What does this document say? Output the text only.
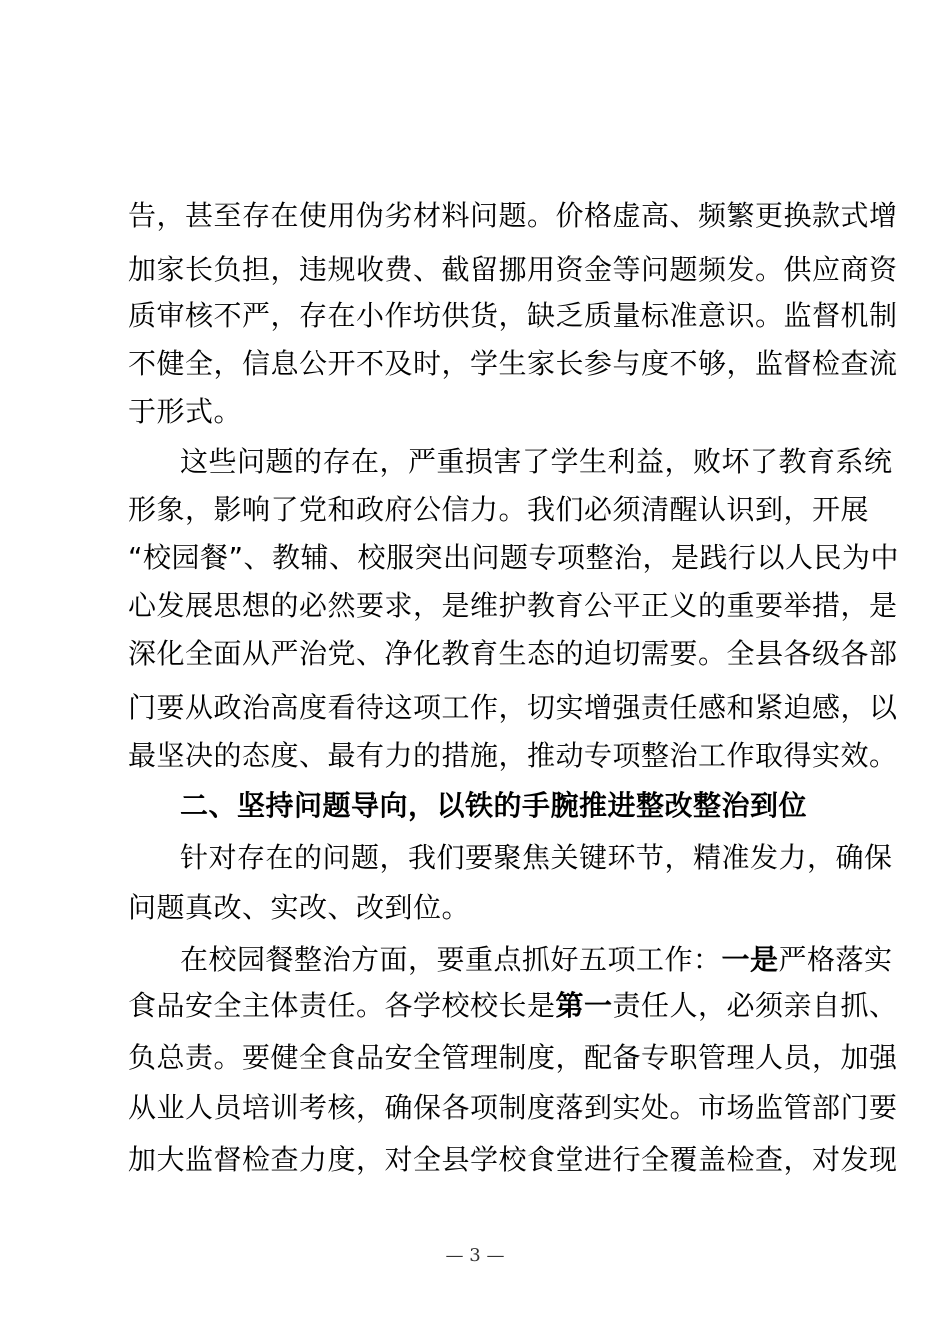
告，甚至存在使用伪劣材料问题。价格虚高、频繁更换款式增
加家长负担，违规收费、截留挪用资金等问题频发。供应商资
质审核不严，存在小作坊供货，缺乏质量标准意识。监督机制
不健全，信息公开不及时，学生家长参与度不够，监督检查流
于形式。
这些问题的存在，严重损害了学生利益，败坏了教育系统
形象，影响了党和政府公信力。我们必须清醒认识到，开展
“校园餐”、教辅、校服突出问题专项整治，是践行以人民为中
心发展思想的必然要求，是维护教育公平正义的重要举措，是
深化全面从严治党、净化教育生态的迫切需要。全县各级各部
门要从政治高度看待这项工作，切实增强责任感和紧迫感，以
最坚决的态度、最有力的措施，推动专项整治工作取得实效。
二、坚持问题导向，以铁的手腕推进整改整治到位
针对存在的问题，我们要聚焦关键环节，精准发力，确保
问题真改、实改、改到位。
在校园餐整治方面，要重点抓好五项工作：一是严格落实
食品安全主体责任。各学校校长是第一责任人，必须亲自抓、
负总责。要健全食品安全管理制度，配备专职管理人员，加强
从业人员培训考核，确保各项制度落到实处。市场监管部门要
加大监督检查力度，对全县学校食堂进行全覆盖检查，对发现
— 3 —
